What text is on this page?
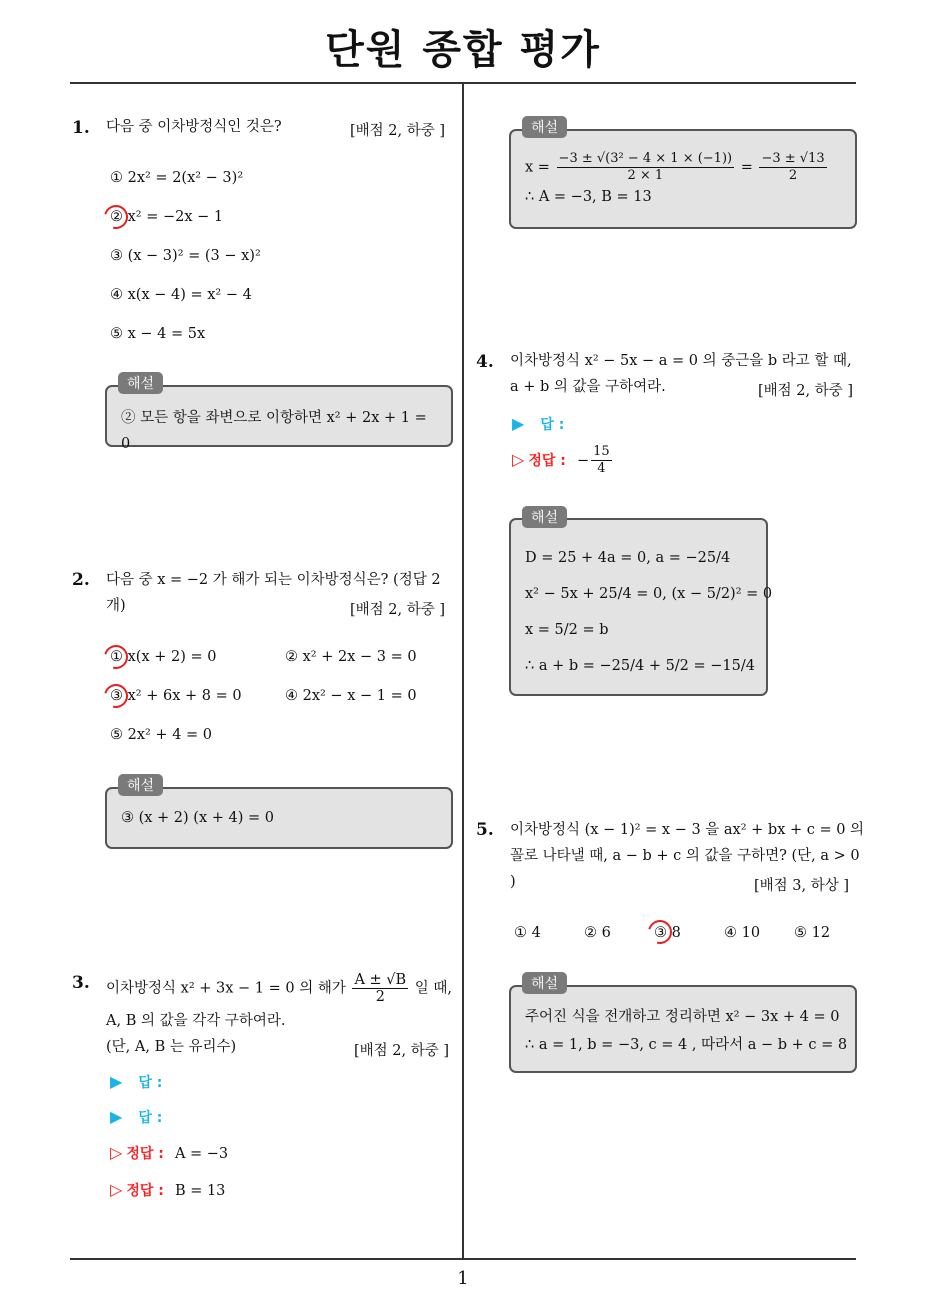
단원 종합 평가
1. 다음 중 이차방정식인 것은?	[배점 2, 하중 ]
① 2x² = 2(x² − 3)²
② x² = −2x − 1
③ (x − 3)² = (3 − x)²
④ x(x − 4) = x² − 4
⑤ x − 4 = 5x
② 모든 항을 좌변으로 이항하면 x² + 2x + 1 = 0
해설
2. 다음 중 x = −2 가 해가 되는 이차방정식은? (정답 2
개)	[배점 2, 하중 ]
① x(x + 2) = 0	② x² + 2x − 3 = 0
③ x² + 6x + 8 = 0	④ 2x² − x − 1 = 0
⑤ 2x² + 4 = 0
③ (x + 2) (x + 4) = 0
해설
3. 이차방정식 x² + 3x − 1 = 0 의 해가 $\frac{A \pm √B}{2}$ 일 때,
A, B 의 값을 각각 구하여라.
(단, A, B 는 유리수)	[배점 2, 하중 ]
▶ 답 :
▶ 답 :
▷ 정답 : A = −3
▷ 정답 : B = 13
$x = \frac{\text{−3 ± √(3² − 4 × 1 × (−1))}}{2 \times 1} = \frac{-3 \pm √13}{2}$
∴ A = −3, B = 13
해설
4. 이차방정식 x² − 5x − a = 0 의 중근을 b 라고 할 때,
a + b 의 값을 구하여라.	[배점 2, 하중 ]
▶ 답 :
▷ 정답 : − $\frac{15}{4}$
D = 25 + 4a = 0, a = −25/4
x² − 5x + 25/4 = 0, (x − 5/2)² = 0
x = 5/2 = b
∴ a + b = −25/4 + 5/2 = −15/4
해설
5. 이차방정식 (x − 1)² = x − 3 을 ax² + bx + c = 0 의
꼴로 나타낼 때, a − b + c 의 값을 구하면? (단, a > 0
)	[배점 3, 하상 ]
① 4	② 6	③ 8	④ 10 ⑤ 12
주어진 식을 전개하고 정리하면 x² − 3x + 4 = 0
∴ a = 1, b = −3, c = 4 , 따라서 a − b + c = 8
해설
1
